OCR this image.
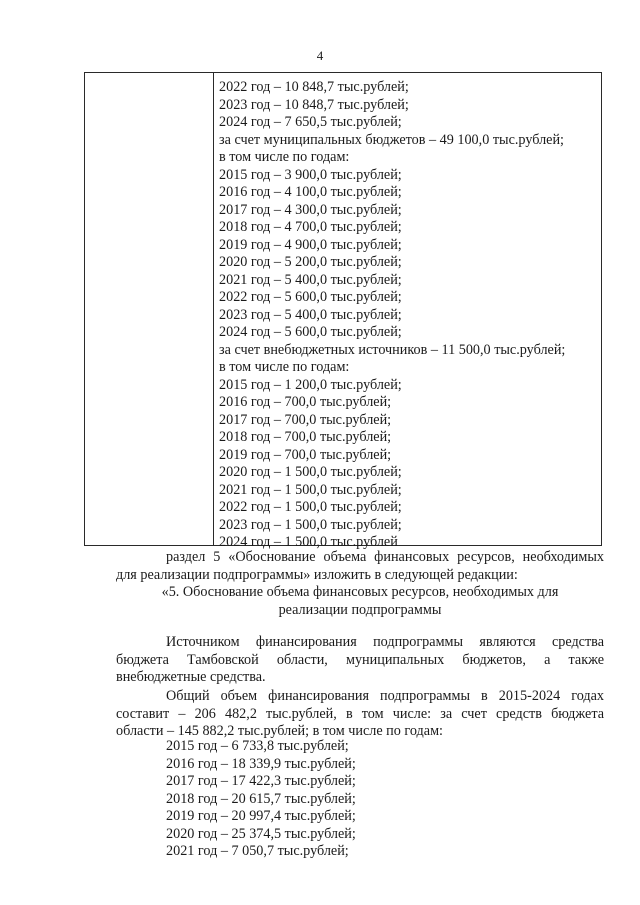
4
2022 год – 10 848,7 тыс.рублей;
2023 год – 10 848,7 тыс.рублей;
2024 год – 7 650,5 тыс.рублей;
за счет муниципальных бюджетов – 49 100,0 тыс.рублей;
в том числе по годам:
2015 год – 3 900,0 тыс.рублей;
2016 год – 4 100,0 тыс.рублей;
2017 год – 4 300,0 тыс.рублей;
2018 год – 4 700,0 тыс.рублей;
2019 год – 4 900,0 тыс.рублей;
2020 год – 5 200,0 тыс.рублей;
2021 год – 5 400,0 тыс.рублей;
2022 год – 5 600,0 тыс.рублей;
2023 год – 5 400,0 тыс.рублей;
2024 год – 5 600,0 тыс.рублей;
за счет внебюджетных источников – 11 500,0 тыс.рублей;
в том числе по годам:
2015 год – 1 200,0 тыс.рублей;
2016 год – 700,0 тыс.рублей;
2017 год – 700,0 тыс.рублей;
2018 год – 700,0 тыс.рублей;
2019 год – 700,0 тыс.рублей;
2020 год – 1 500,0 тыс.рублей;
2021 год – 1 500,0 тыс.рублей;
2022 год – 1 500,0 тыс.рублей;
2023 год – 1 500,0 тыс.рублей;
2024 год – 1 500,0 тыс.рублей
раздел 5 «Обоснование объема финансовых ресурсов, необходимых
для реализации подпрограммы» изложить в следующей редакции:
«5. Обоснование объема финансовых ресурсов, необходимых для
реализации подпрограммы
Источником финансирования подпрограммы являются средства
бюджета Тамбовской области, муниципальных бюджетов, а также
внебюджетные средства.
Общий объем финансирования подпрограммы в 2015-2024 годах
составит – 206 482,2 тыс.рублей, в том числе: за счет средств бюджета
области – 145 882,2 тыс.рублей; в том числе по годам:
2015 год – 6 733,8 тыс.рублей;
2016 год – 18 339,9 тыс.рублей;
2017 год – 17 422,3 тыс.рублей;
2018 год – 20 615,7 тыс.рублей;
2019 год – 20 997,4 тыс.рублей;
2020 год – 25 374,5 тыс.рублей;
2021 год – 7 050,7 тыс.рублей;
